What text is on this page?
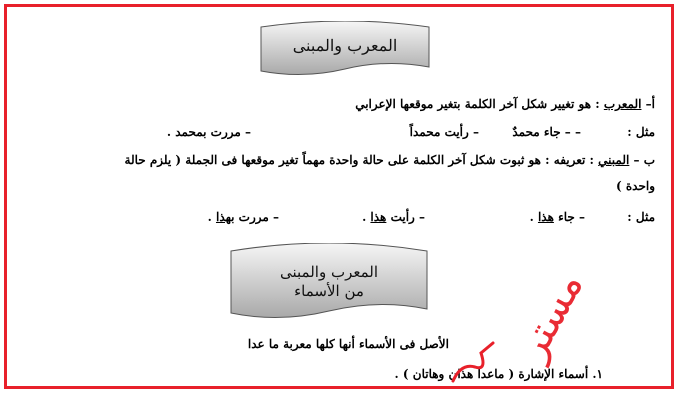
المعرب والمبنى
أ– المعرب : هو تغيير شكل آخر الكلمة بتغير موقعها الإعرابي
مثل :
– – جاء محمدٌ
– رأيت محمداً
– مررت بمحمد .
ب – المبني : تعريفه : هو ثبوت شكل آخر الكلمة على حالة واحدة مهماً تغير موقعها فى الجملة ( يلزم حالة
واحدة )
مثل :
– جاء هذا .
– رأيت هذا .
– مررت بهذا .
المعرب والمبنى
من الأسماء
الأصل فى الأسماء أنها كلها معربة ما عدا
١. أسماء الإشارة ( ماعدا هذان وهاتان ) .
مستر
